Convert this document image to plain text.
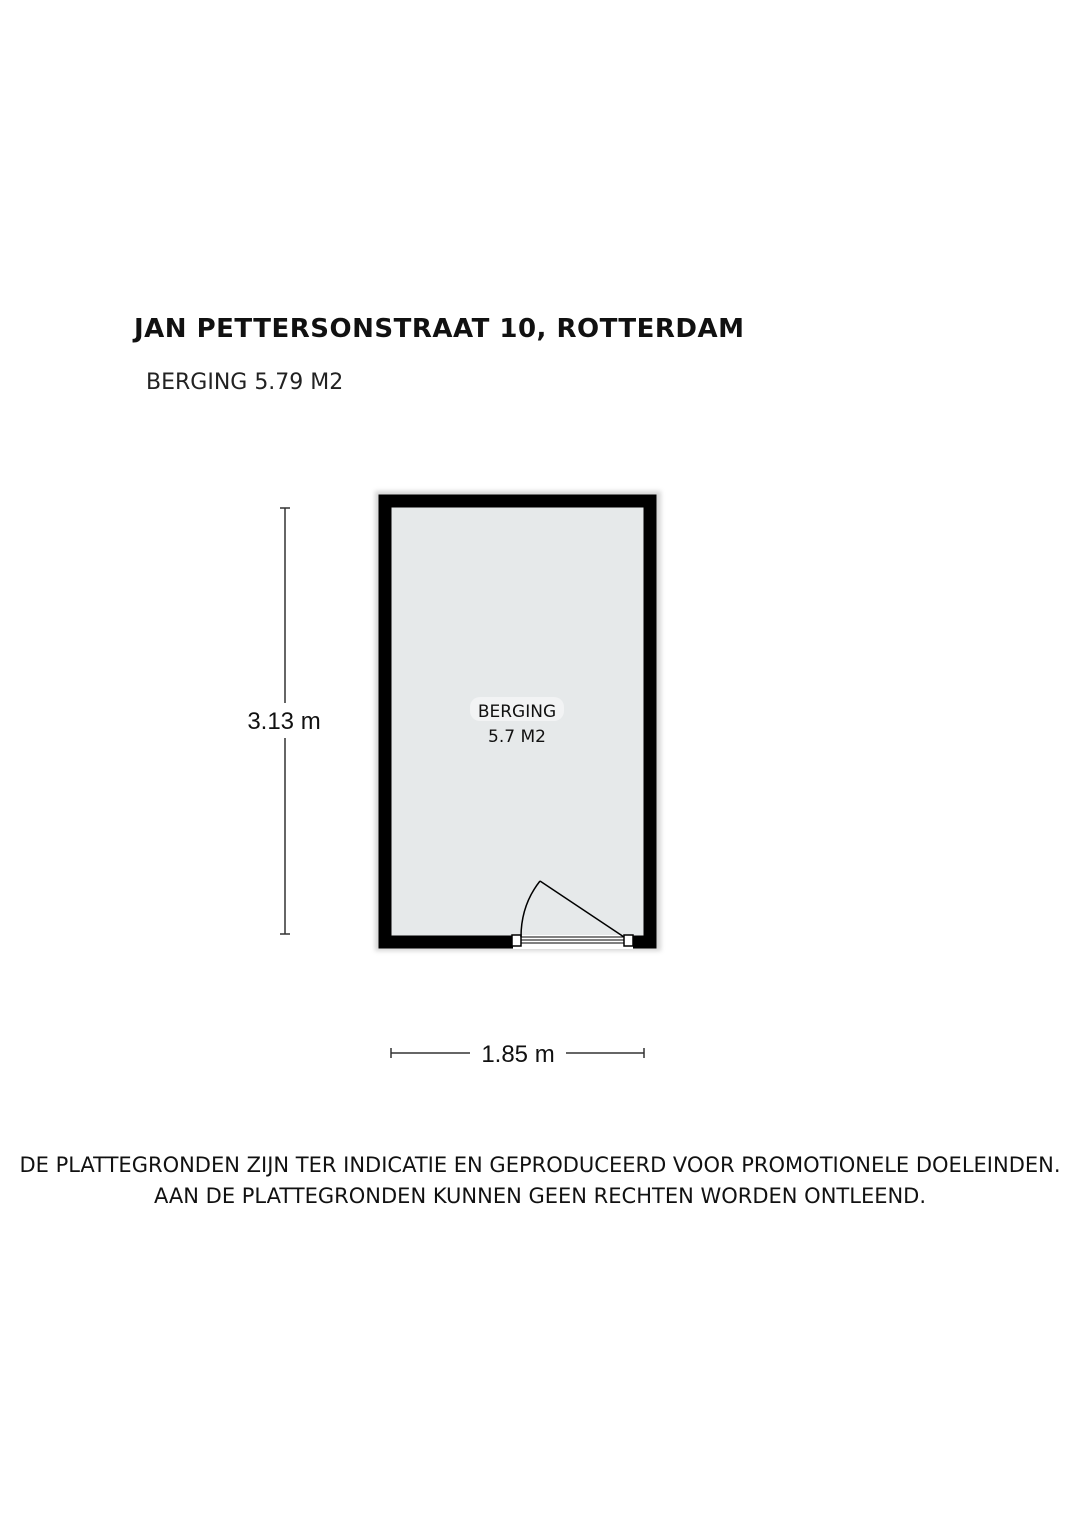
JAN PETTERSONSTRAAT 10, ROTTERDAM
BERGING 5.79 M2
BERGING
5.7 M2
3.13 m
1.85 m
DE PLATTEGRONDEN ZIJN TER INDICATIE EN GEPRODUCEERD VOOR PROMOTIONELE DOELEINDEN.
AAN DE PLATTEGRONDEN KUNNEN GEEN RECHTEN WORDEN ONTLEEND.
